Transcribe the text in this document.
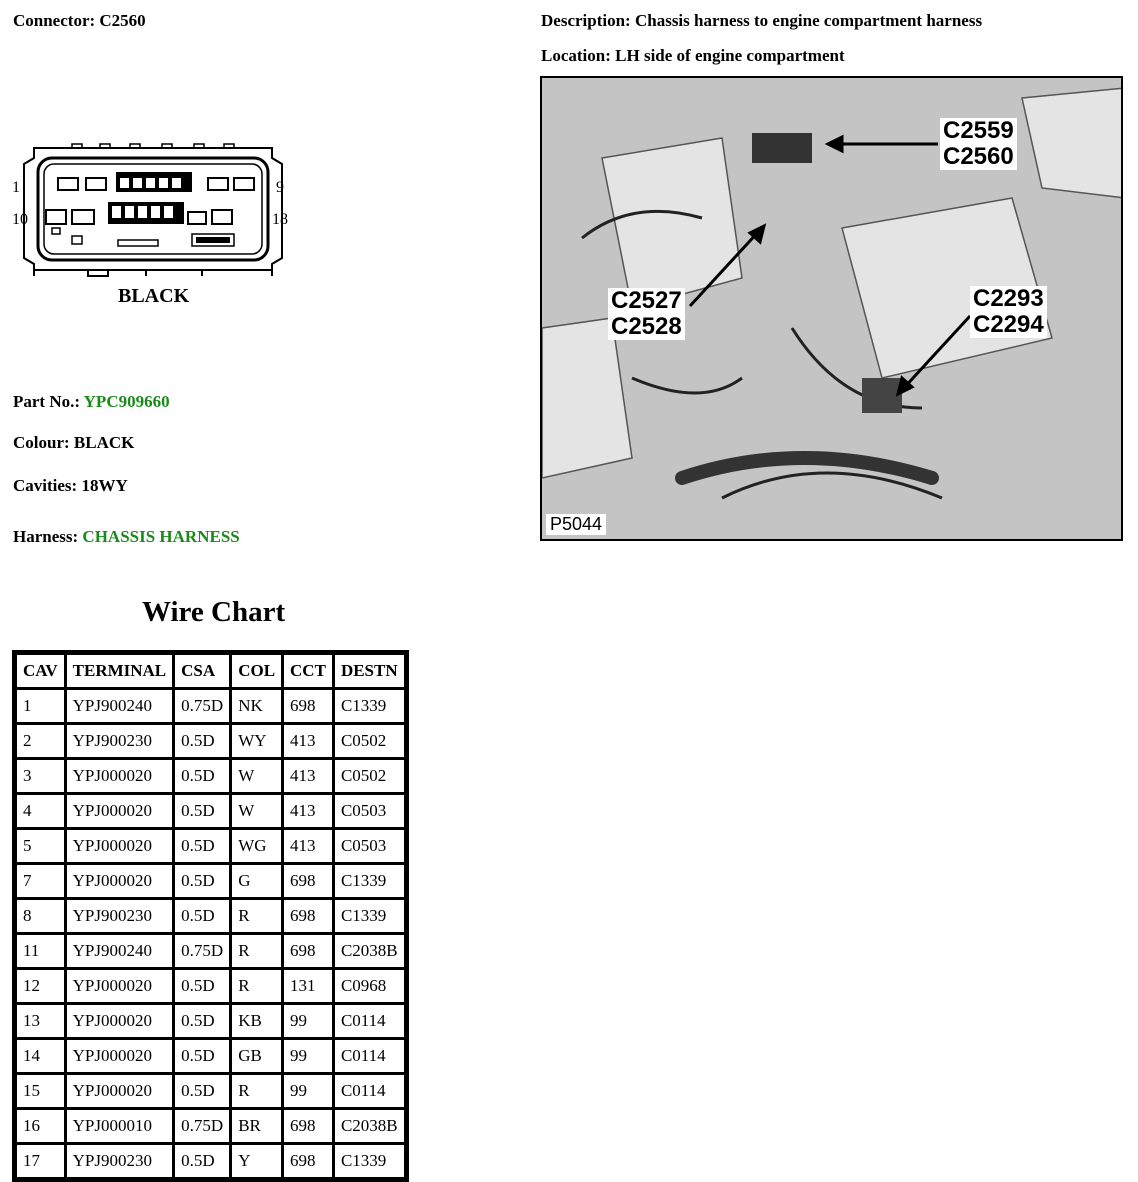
Connector: C2560	Description: Chassis harness to engine compartment harness
Location: LH side of engine compartment
1	9
10	18
BLACK
Part No.: YPC909660
Colour: BLACK
Cavities: 18WY
Harness: CHASSIS HARNESS
Wire Chart
CAV	TERMINAL	CSA	COL	CCT	DESTN
1	YPJ900240	0.75D	NK	698	C1339
2	YPJ900230	0.5D	WY	413	C0502
3	YPJ000020	0.5D	W	413	C0502
4	YPJ000020	0.5D	W	413	C0503
5	YPJ000020	0.5D	WG	413	C0503
7	YPJ000020	0.5D	G	698	C1339
8	YPJ900230	0.5D	R	698	C1339
11	YPJ900240	0.75D	R	698	C2038B
12	YPJ000020	0.5D	R	131	C0968
13	YPJ000020	0.5D	KB	99	C0114
14	YPJ000020	0.5D	GB	99	C0114
15	YPJ000020	0.5D	R	99	C0114
16	YPJ000010	0.75D	BR	698	C2038B
17	YPJ900230	0.5D	Y	698	C1339
C2559
C2560
C2527
C2528
C2293
C2294
P5044
